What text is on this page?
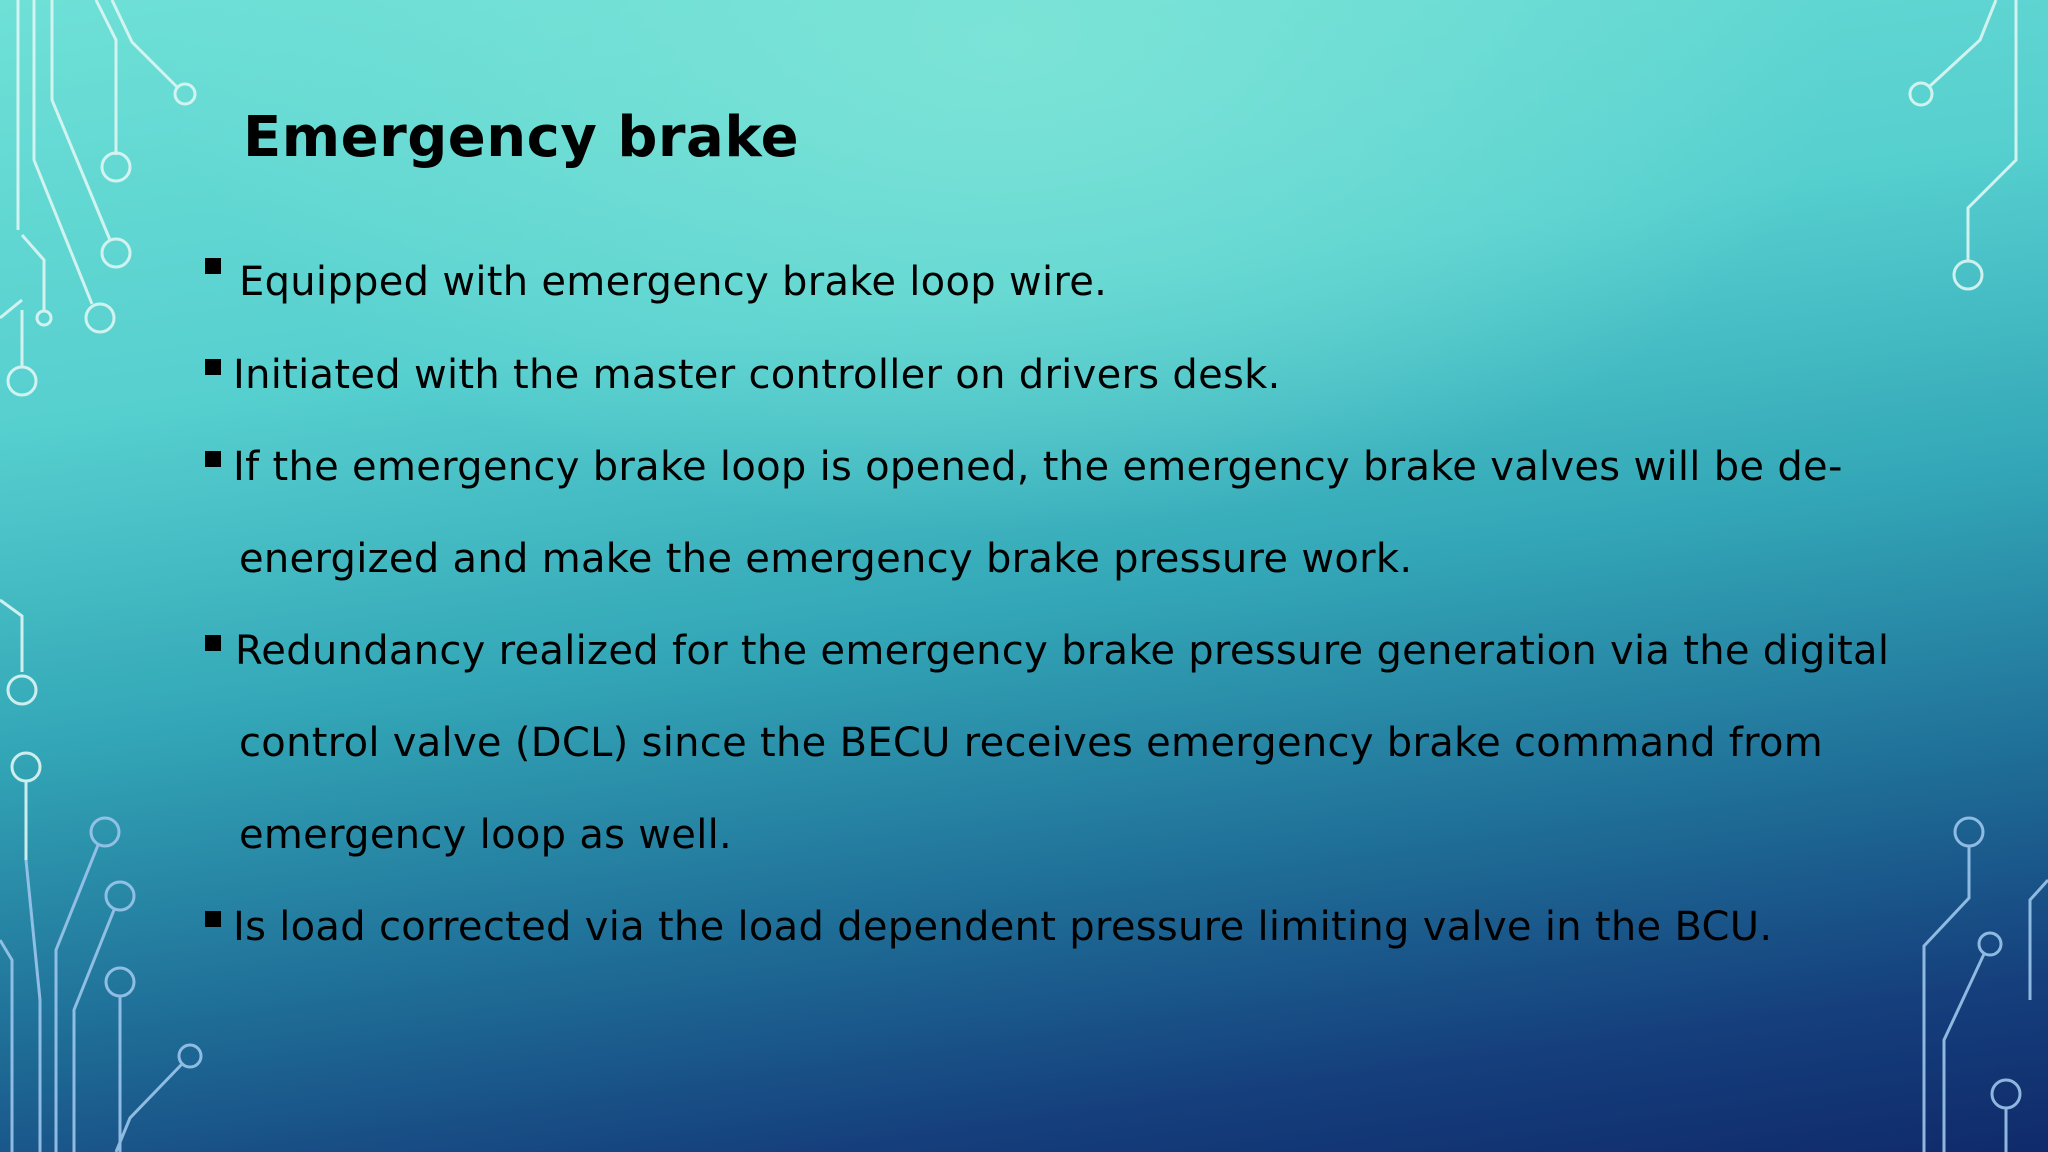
Emergency brake
Equipped with emergency brake loop wire.
Initiated with the master controller on drivers desk.
If the emergency brake loop is opened, the emergency brake valves will be de-
energized and make the emergency brake pressure work.
Redundancy realized for the emergency brake pressure generation via the digital
control valve (DCL) since the BECU receives emergency brake command from
emergency loop as well.
Is load corrected via the load dependent pressure limiting valve in the BCU.
